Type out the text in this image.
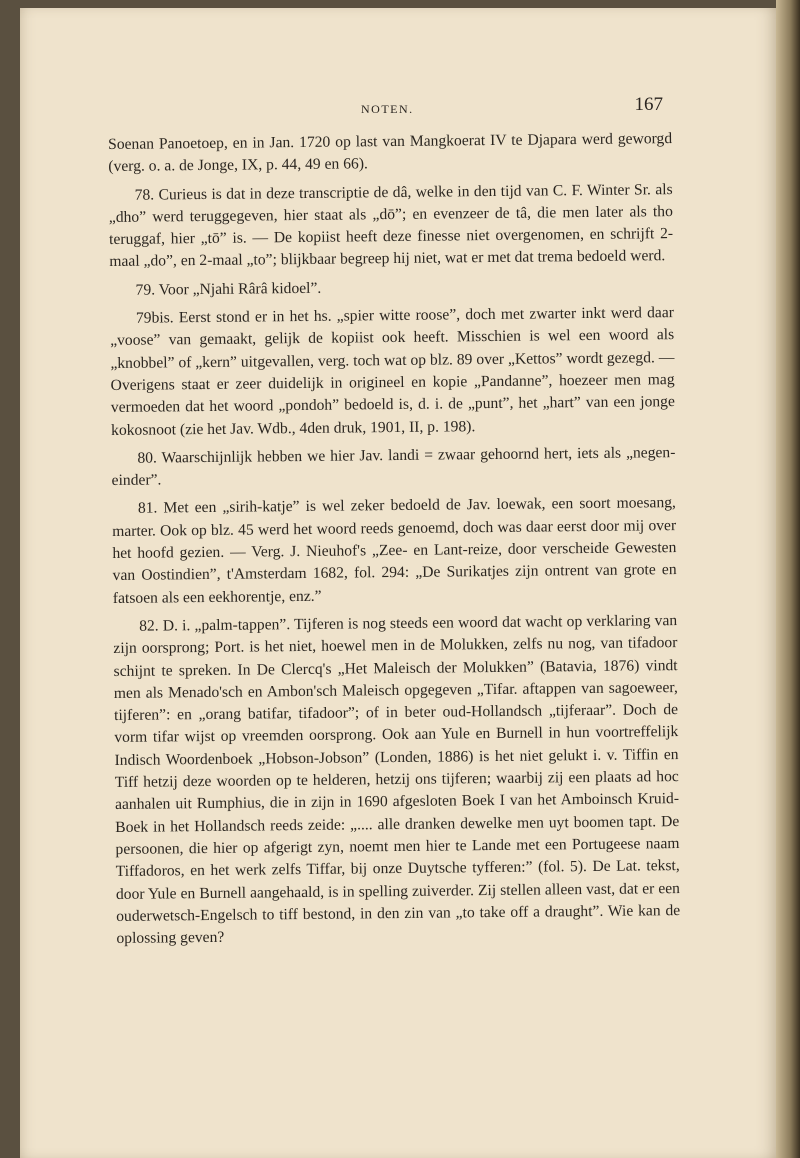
NOTEN.	167

Soenan Panoetoep, en in Jan. 1720 op last van Mangkoerat IV te Djapara werd geworgd (verg. o. a. de Jonge, IX, p. 44, 49 en 66).

78. Curieus is dat in deze transcriptie de dâ, welke in den tijd van C. F. Winter Sr. als „dho” werd teruggegeven, hier staat als „dō”; en evenzeer de tâ, die men later als tho teruggaf, hier „tō” is. — De kopiist heeft deze finesse niet overgenomen, en schrijft 2-maal „do”, en 2-maal „to”; blijkbaar begreep hij niet, wat er met dat trema bedoeld werd.

79. Voor „Njahi Rârâ kidoel”.

79bis. Eerst stond er in het hs. „spier witte roose”, doch met zwarter inkt werd daar „voose” van gemaakt, gelijk de kopiist ook heeft. Misschien is wel een woord als „knobbel” of „kern” uitgevallen, verg. toch wat op blz. 89 over „Kettos” wordt gezegd. — Overigens staat er zeer duidelijk in origineel en kopie „Pandanne”, hoezeer men mag vermoeden dat het woord „pondoh” bedoeld is, d. i. de „punt”, het „hart” van een jonge kokosnoot (zie het Jav. Wdb., 4den druk, 1901, II, p. 198).

80. Waarschijnlijk hebben we hier Jav. landi = zwaar gehoornd hert, iets als „negen-einder”.

81. Met een „sirih-katje” is wel zeker bedoeld de Jav. loewak, een soort moesang, marter. Ook op blz. 45 werd het woord reeds genoemd, doch was daar eerst door mij over het hoofd gezien. — Verg. J. Nieuhof's „Zee- en Lant-reize, door verscheide Gewesten van Oostindien”, t'Amsterdam 1682, fol. 294: „De Surikatjes zijn ontrent van grote en fatsoen als een eekhorentje, enz.”

82. D. i. „palm-tappen”. Tijferen is nog steeds een woord dat wacht op verklaring van zijn oorsprong; Port. is het niet, hoewel men in de Molukken, zelfs nu nog, van tifadoor schijnt te spreken. In De Clercq's „Het Maleisch der Molukken” (Batavia, 1876) vindt men als Menado'sch en Ambon'sch Maleisch opgegeven „Tifar. aftappen van sagoeweer, tijferen”: en „orang batifar, tifadoor”; of in beter oud-Hollandsch „tijferaar”. Doch de vorm tifar wijst op vreemden oorsprong. Ook aan Yule en Burnell in hun voortreffelijk Indisch Woordenboek „Hobson-Jobson” (Londen, 1886) is het niet gelukt i. v. Tiffin en Tiff hetzij deze woorden op te helderen, hetzij ons tijferen; waarbij zij een plaats ad hoc aanhalen uit Rumphius, die in zijn in 1690 afgesloten Boek I van het Amboinsch Kruid-Boek in het Hollandsch reeds zeide: „.... alle dranken dewelke men uyt boomen tapt. De persoonen, die hier op afgerigt zyn, noemt men hier te Lande met een Portugeese naam Tiffadoros, en het werk zelfs Tiffar, bij onze Duytsche tyfferen:” (fol. 5). De Lat. tekst, door Yule en Burnell aangehaald, is in spelling zuiverder. Zij stellen alleen vast, dat er een ouderwetsch-Engelsch to tiff bestond, in den zin van „to take off a draught”. Wie kan de oplossing geven?
